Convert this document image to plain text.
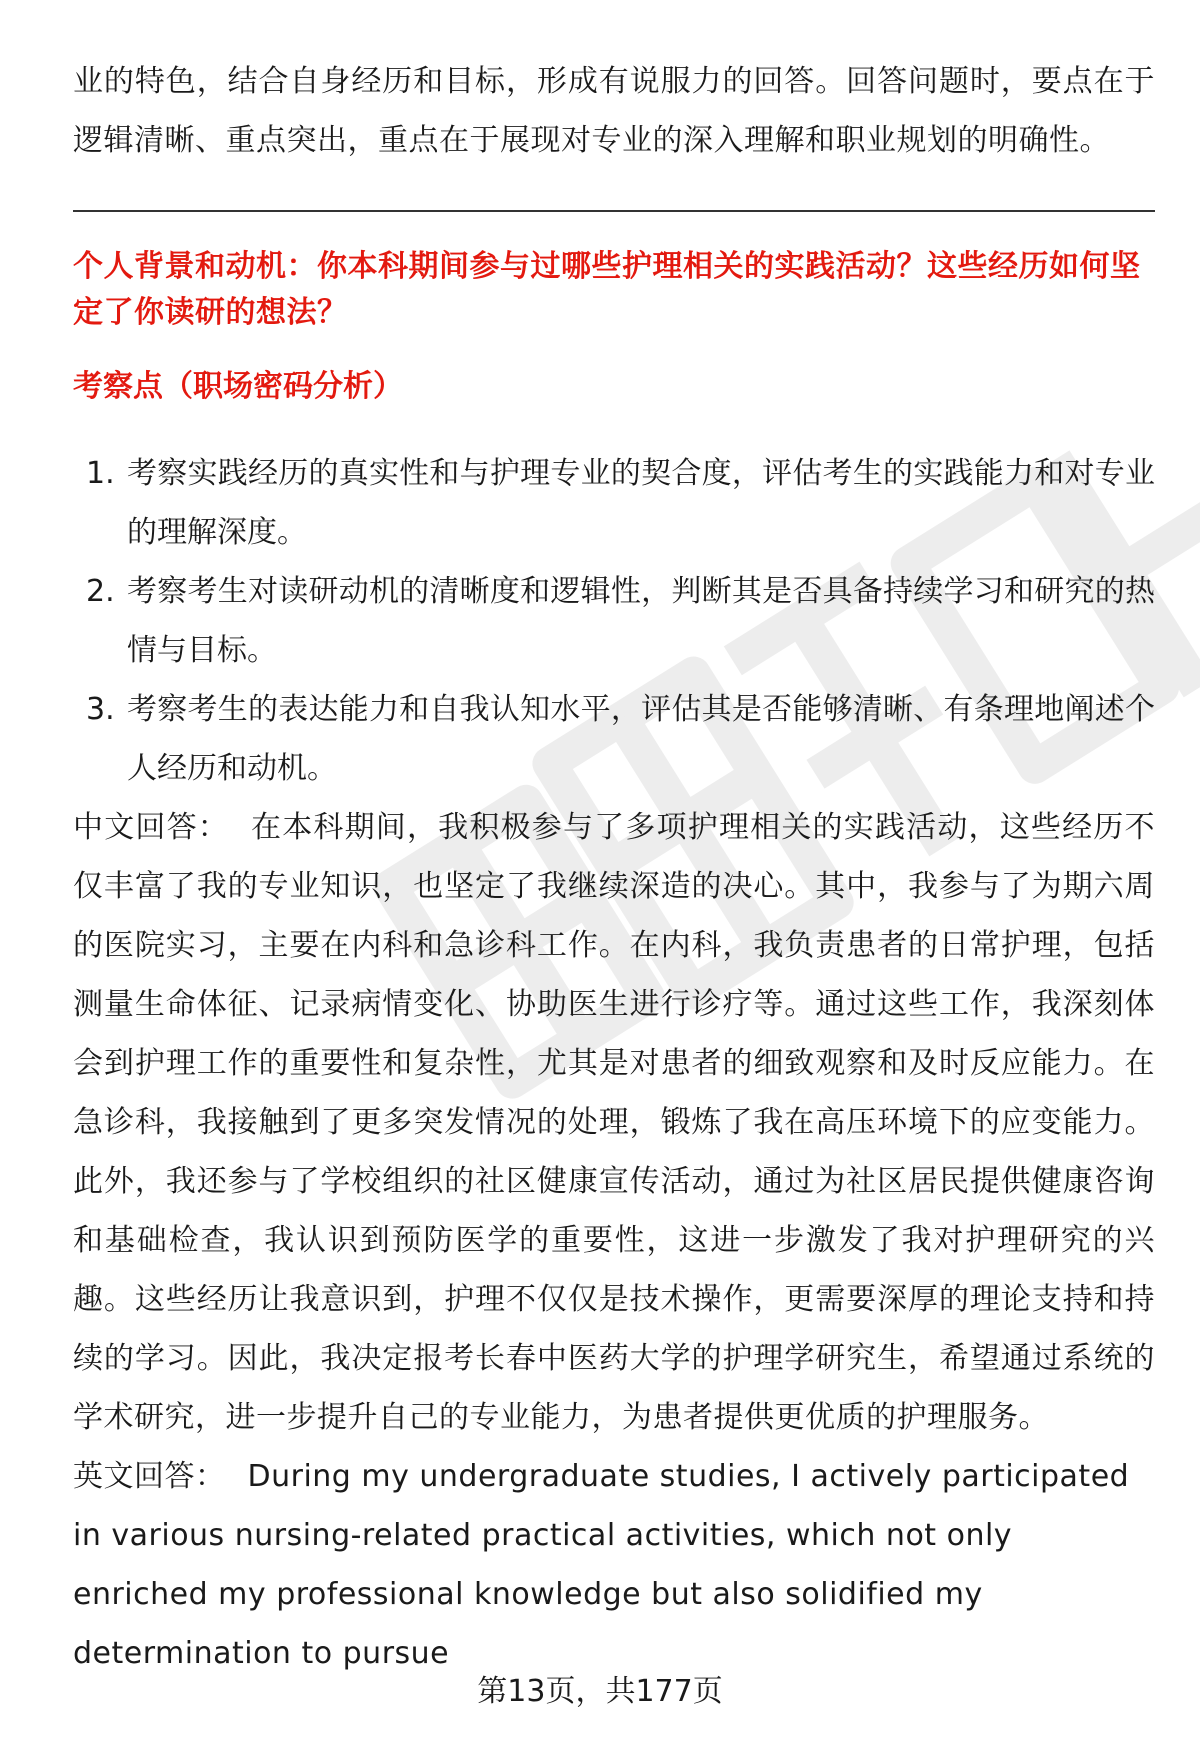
业的特色，结合自身经历和目标，形成有说服力的回答。回答问题时，要点在于逻辑清晰、重点突出，重点在于展现对专业的深入理解和职业规划的明确性。

个人背景和动机：你本科期间参与过哪些护理相关的实践活动？这些经历如何坚定了你读研的想法？
考察点（职场密码分析）
1. 考察实践经历的真实性和与护理专业的契合度，评估考生的实践能力和对专业的理解深度。
2. 考察考生对读研动机的清晰度和逻辑性，判断其是否具备持续学习和研究的热情与目标。
3. 考察考生的表达能力和自我认知水平，评估其是否能够清晰、有条理地阐述个人经历和动机。

中文回答： 在本科期间，我积极参与了多项护理相关的实践活动，这些经历不仅丰富了我的专业知识，也坚定了我继续深造的决心。其中，我参与了为期六周的医院实习，主要在内科和急诊科工作。在内科，我负责患者的日常护理，包括测量生命体征、记录病情变化、协助医生进行诊疗等。通过这些工作，我深刻体会到护理工作的重要性和复杂性，尤其是对患者的细致观察和及时反应能力。在急诊科，我接触到了更多突发情况的处理，锻炼了我在高压环境下的应变能力。此外，我还参与了学校组织的社区健康宣传活动，通过为社区居民提供健康咨询和基础检查，我认识到预防医学的重要性，这进一步激发了我对护理研究的兴趣。这些经历让我意识到，护理不仅仅是技术操作，更需要深厚的理论支持和持续的学习。因此，我决定报考长春中医药大学的护理学研究生，希望通过系统的学术研究，进一步提升自己的专业能力，为患者提供更优质的护理服务。

英文回答： During my undergraduate studies, I actively participated in various nursing-related practical activities, which not only enriched my professional knowledge but also solidified my determination to pursue

第13页，共177页
